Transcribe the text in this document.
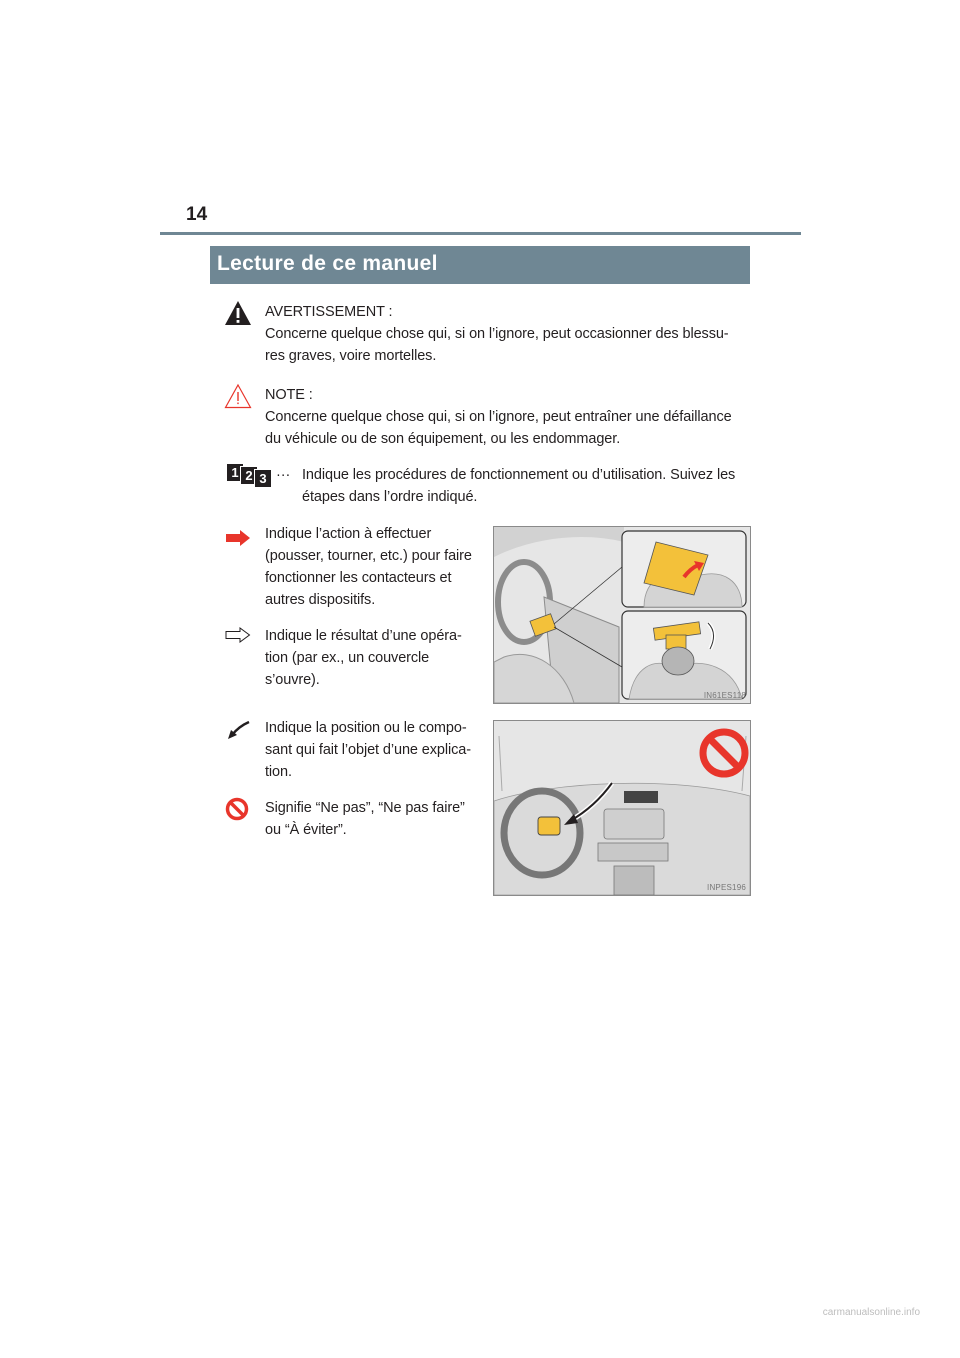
14
Lecture de ce manuel
AVERTISSEMENT :
Concerne quelque chose qui, si on l’ignore, peut occasionner des blessu-
res graves, voire mortelles.
NOTE :
Concerne quelque chose qui, si on l’ignore, peut entraîner une défaillance
du véhicule ou de son équipement, ou les endommager.
1 2 3 ··· Indique les procédures de fonctionnement ou d’utilisation. Suivez les
étapes dans l’ordre indiqué.
Indique l’action à effectuer
(pousser, tourner, etc.) pour faire
fonctionner les contacteurs et
autres dispositifs.
Indique le résultat d’une opéra-
tion (par ex., un couvercle
s’ouvre).
IN61ES118
Indique la position ou le compo-
sant qui fait l’objet d’une explica-
tion.
Signifie “Ne pas”, “Ne pas faire”
ou “À éviter”.
INPES196
carmanualsonline.info
